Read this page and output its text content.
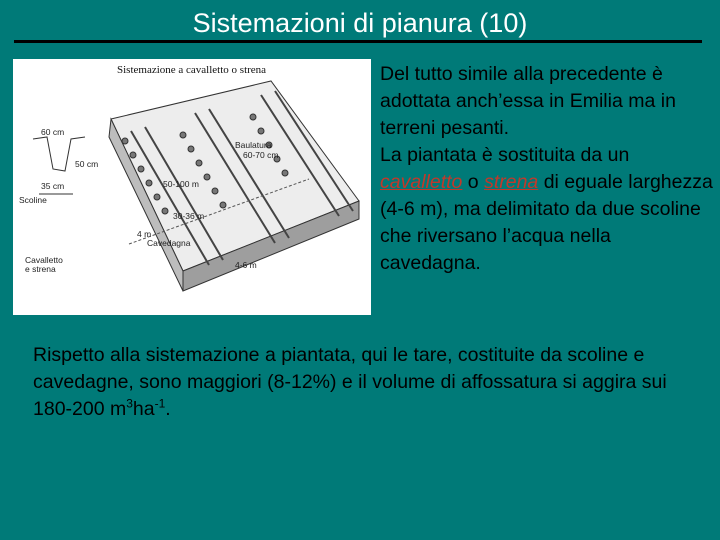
Sistemazioni di pianura (10)
Sistemazione a cavalletto o strena
60 cm
50 cm
35 cm
Scoline
Cavalletto
e strena
Baulatura
60-70 cm
50-100 m
30-36 m
4 m
Cavedagna
4-6 m

Del tutto simile alla precedente è adottata anch’essa in Emilia ma in terreni pesanti.

La piantata è sostituita da un cavalletto o strena di eguale larghezza (4-6 m), ma delimitato da due scoline che riversano l’acqua nella cavedagna.

Rispetto alla sistemazione a piantata, qui le tare, costituite da scoline e cavedagne, sono maggiori (8-12%) e il volume di affossatura si aggira sui 180-200 $m^3ha^{-1}$.
